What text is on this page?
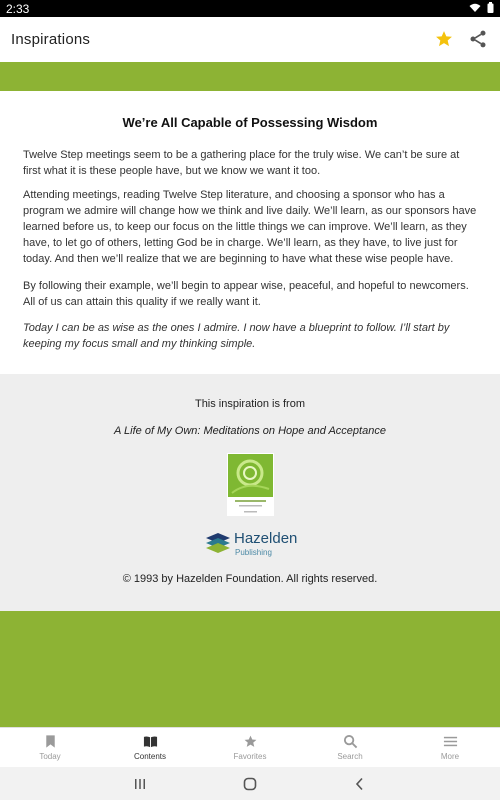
2:33
Inspirations
We’re All Capable of Possessing Wisdom

Twelve Step meetings seem to be a gathering place for the truly wise. We can’t be sure at first what it is these people have, but we know we want it too.

Attending meetings, reading Twelve Step literature, and choosing a sponsor who has a program we admire will change how we think and live daily. We’ll learn, as our sponsors have learned before us, to keep our focus on the little things we can improve. We’ll learn, as they have, to let go of others, letting God be in charge. We’ll learn, as they have, to live just for today. And then we’ll realize that we are beginning to have what these wise people have.

By following their example, we’ll begin to appear wise, peaceful, and hopeful to newcomers. All of us can attain this quality if we really want it.

Today I can be as wise as the ones I admire. I now have a blueprint to follow. I’ll start by keeping my focus small and my thinking simple.

This inspiration is from
A Life of My Own: Meditations on Hope and Acceptance
Hazelden
Publishing
© 1993 by Hazelden Foundation. All rights reserved.
Today	Contents	Favorites	Search	More
